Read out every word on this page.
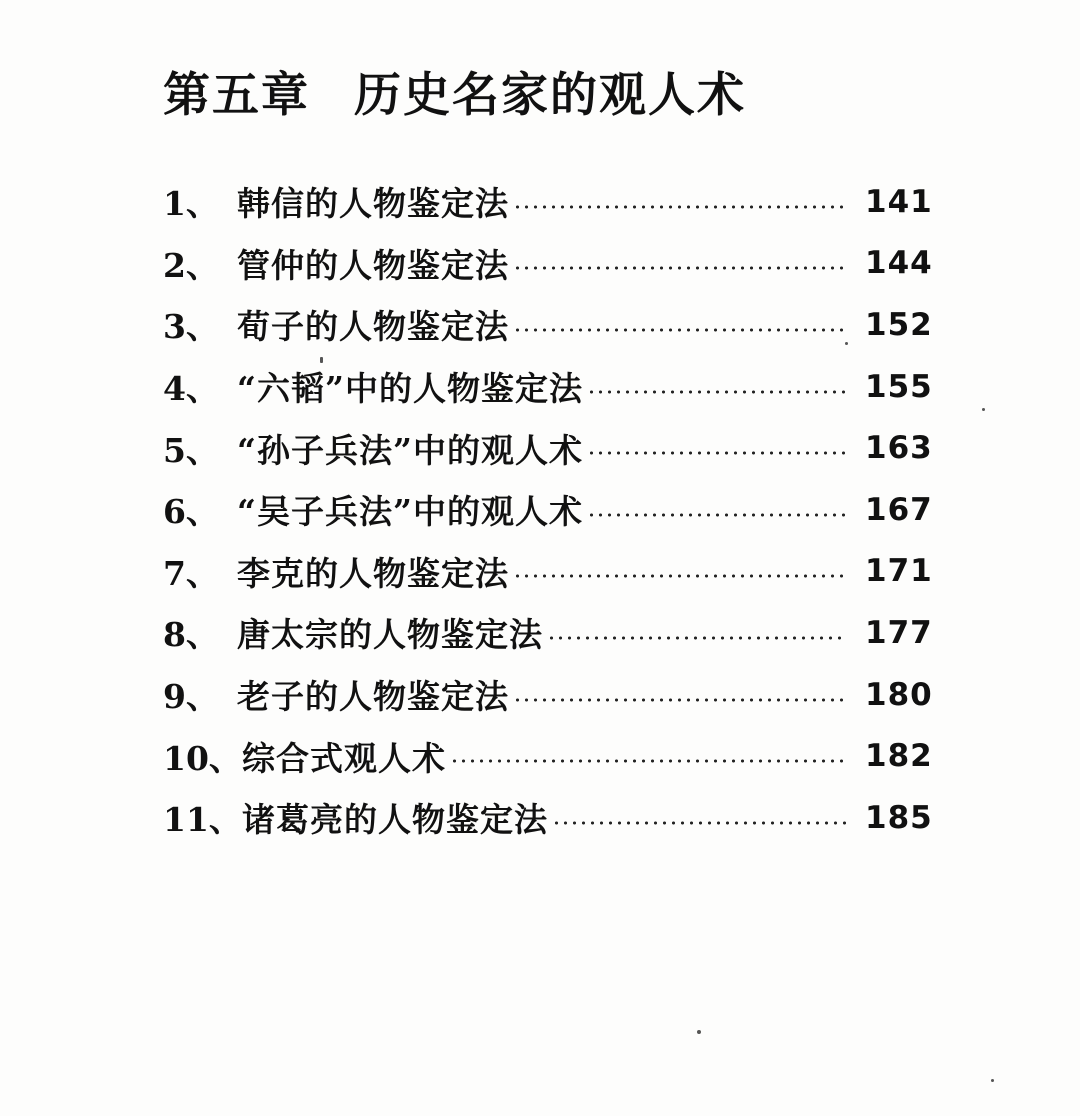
第五章 历史名家的观人术
1、 韩信的人物鉴定法	141
2、 管仲的人物鉴定法	144
3、 荀子的人物鉴定法	152
4、 “六韬”中的人物鉴定法	155
5、 “孙子兵法”中的观人术	163
6、 “吴子兵法”中的观人术	167
7、 李克的人物鉴定法	171
8、 唐太宗的人物鉴定法	177
9、 老子的人物鉴定法	180
10、 综合式观人术	182
11、 诸葛亮的人物鉴定法	185
